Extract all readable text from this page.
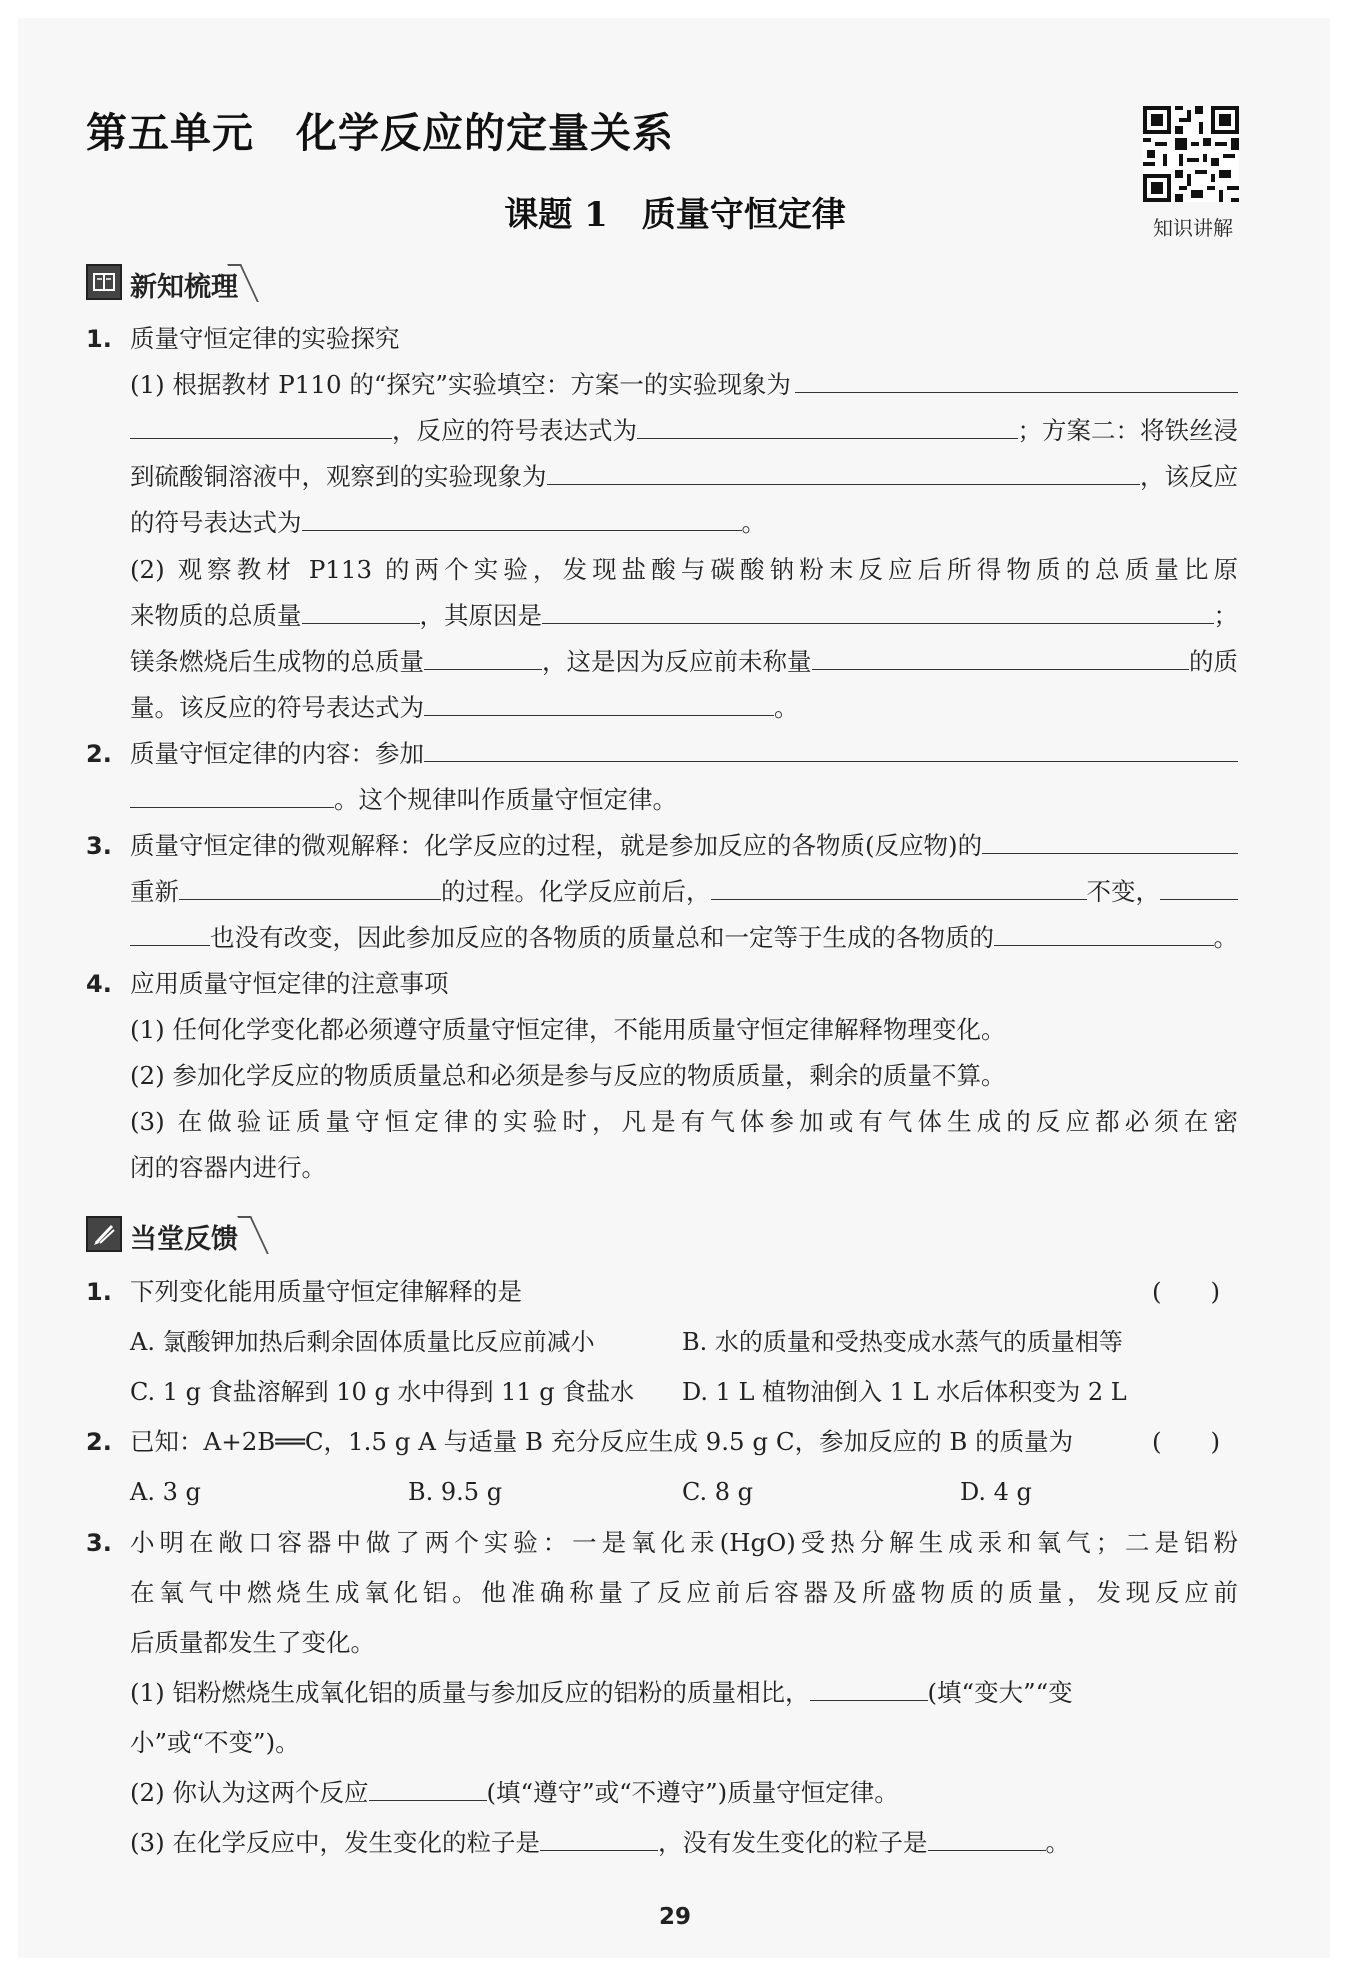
第五单元　化学反应的定量关系
课题 1　质量守恒定律	知识讲解
新知梳理
1. 质量守恒定律的实验探究
(1) 根据教材 P110 的“探究”实验填空：方案一的实验现象为
，反应的符号表达式为	；方案二：将铁丝浸
到硫酸铜溶液中，观察到的实验现象为	，该反应
的符号表达式为	。
(2) 观察教材 P113 的两个实验，发现盐酸与碳酸钠粉末反应后所得物质的总质量比原
来物质的总质量	，其原因是	；
镁条燃烧后生成物的总质量	，这是因为反应前未称量	的质
量。该反应的符号表达式为	。
2. 质量守恒定律的内容：参加
。这个规律叫作质量守恒定律。
3. 质量守恒定律的微观解释：化学反应的过程，就是参加反应的各物质(反应物)的
重新	的过程。化学反应前后，	不变，
也没有改变，因此参加反应的各物质的质量总和一定等于生成的各物质的	。
4. 应用质量守恒定律的注意事项
(1) 任何化学变化都必须遵守质量守恒定律，不能用质量守恒定律解释物理变化。
(2) 参加化学反应的物质质量总和必须是参与反应的物质质量，剩余的质量不算。
(3) 在做验证质量守恒定律的实验时，凡是有气体参加或有气体生成的反应都必须在密
闭的容器内进行。
当堂反馈
1. 下列变化能用质量守恒定律解释的是	(　　)
A. 氯酸钾加热后剩余固体质量比反应前减小	B. 水的质量和受热变成水蒸气的质量相等
C. 1 g 食盐溶解到 10 g 水中得到 11 g 食盐水 D. 1 L 植物油倒入 1 L 水后体积变为 2 L
2. 已知：A+2B══C，1.5 g A 与适量 B 充分反应生成 9.5 g C，参加反应的 B 的质量为	(　　)
A. 3 g	B. 9.5 g	C. 8 g	D. 4 g
3. 小明在敞口容器中做了两个实验：一是氧化汞(HgO)受热分解生成汞和氧气；二是铝粉
在氧气中燃烧生成氧化铝。他准确称量了反应前后容器及所盛物质的质量，发现反应前
后质量都发生了变化。
(1) 铝粉燃烧生成氧化铝的质量与参加反应的铝粉的质量相比，	(填“变大”“变
小”或“不变”)。
(2) 你认为这两个反应	(填“遵守”或“不遵守”)质量守恒定律。
(3) 在化学反应中，发生变化的粒子是	，没有发生变化的粒子是	。
29
